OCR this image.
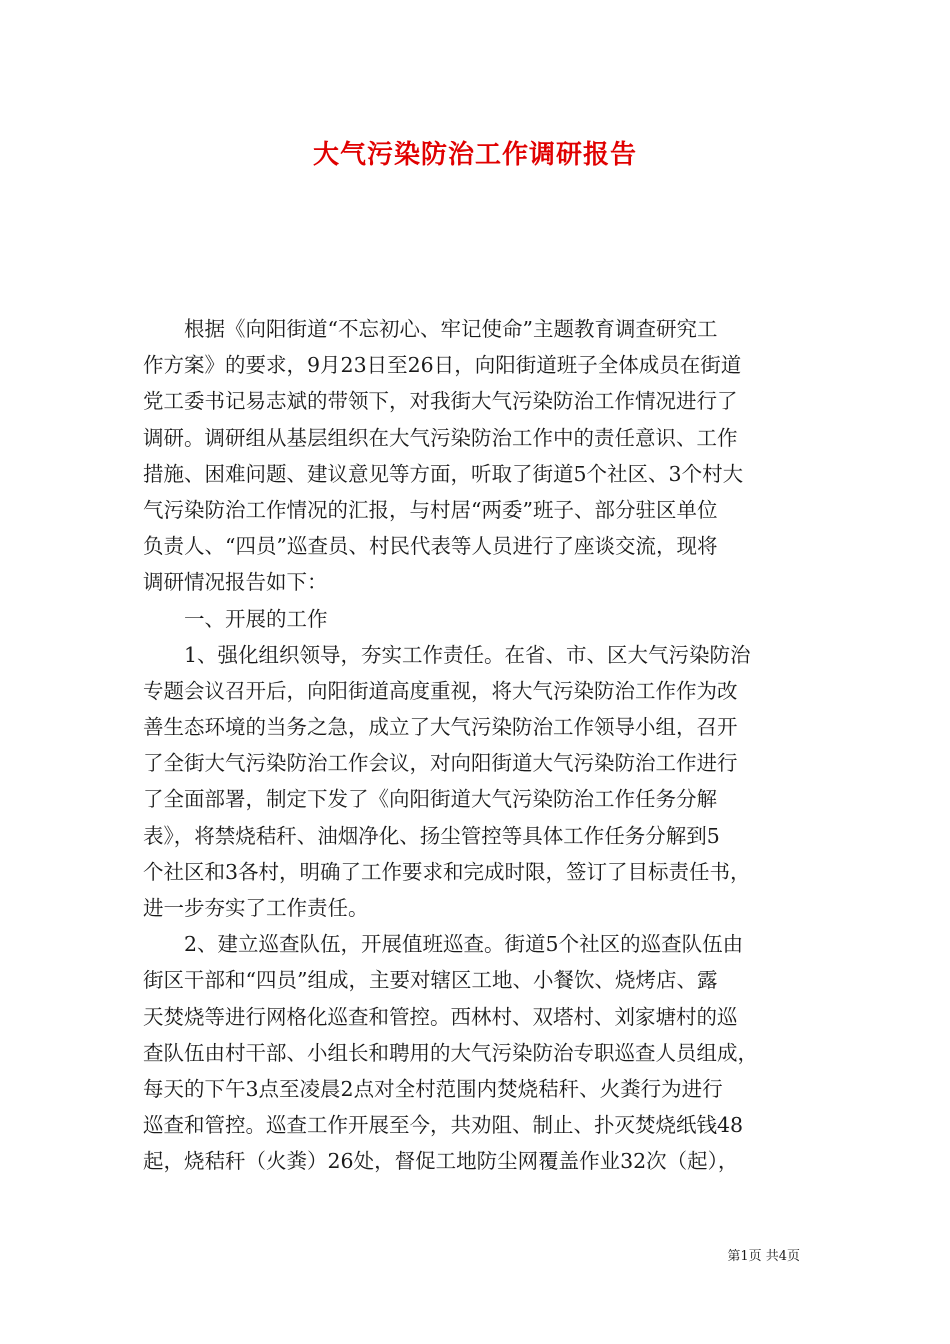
大气污染防治工作调研报告
根据《向阳街道“不忘初心、牢记使命”主题教育调查研究工
作方案》的要求，9月23日至26日，向阳街道班子全体成员在街道
党工委书记易志斌的带领下，对我街大气污染防治工作情况进行了
调研。调研组从基层组织在大气污染防治工作中的责任意识、工作
措施、困难问题、建议意见等方面，听取了街道5个社区、3个村大
气污染防治工作情况的汇报，与村居“两委”班子、部分驻区单位
负责人、“四员”巡查员、村民代表等人员进行了座谈交流，现将
调研情况报告如下：
一、开展的工作
1、强化组织领导，夯实工作责任。在省、市、区大气污染防治
专题会议召开后，向阳街道高度重视，将大气污染防治工作作为改
善生态环境的当务之急，成立了大气污染防治工作领导小组，召开
了全街大气污染防治工作会议，对向阳街道大气污染防治工作进行
了全面部署，制定下发了《向阳街道大气污染防治工作任务分解
表》，将禁烧秸秆、油烟净化、扬尘管控等具体工作任务分解到5
个社区和3各村，明确了工作要求和完成时限，签订了目标责任书，
进一步夯实了工作责任。
2、建立巡查队伍，开展值班巡查。街道5个社区的巡查队伍由
街区干部和“四员”组成，主要对辖区工地、小餐饮、烧烤店、露
天焚烧等进行网格化巡查和管控。西林村、双塔村、刘家塘村的巡
查队伍由村干部、小组长和聘用的大气污染防治专职巡查人员组成，
每天的下午3点至凌晨2点对全村范围内焚烧秸秆、火粪行为进行
巡查和管控。巡查工作开展至今，共劝阻、制止、扑灭焚烧纸钱48
起，烧秸秆（火粪）26处，督促工地防尘网覆盖作业32次（起），
第1页 共4页
